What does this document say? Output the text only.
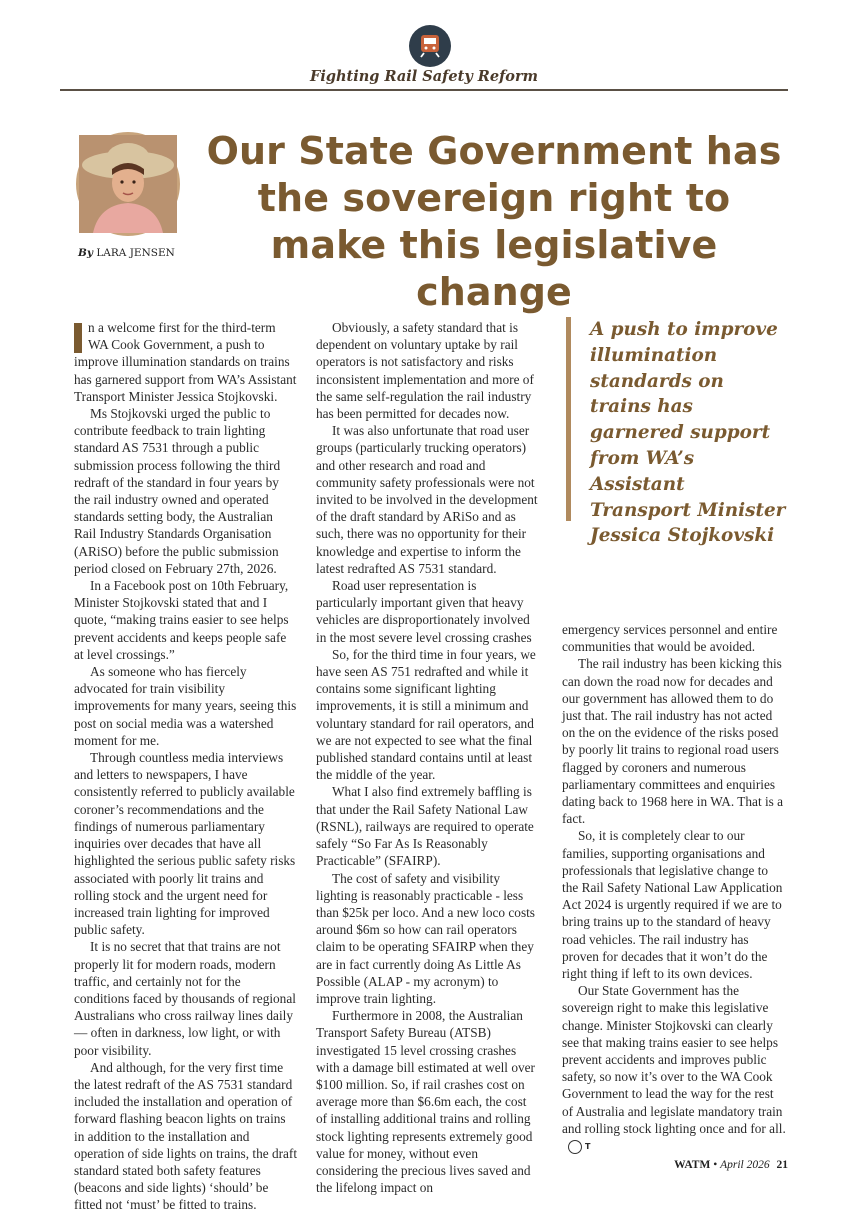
Fighting Rail Safety Reform
By LARA JENSEN
Our State Government has the sovereign right to make this legislative change

I n a welcome first for the third-term WA Cook Government, a push to improve illumination standards on trains has garnered support from WA’s Assistant Transport Minister Jessica Stojkovski.

Ms Stojkovski urged the public to contribute feedback to train lighting standard AS 7531 through a public submission process following the third redraft of the standard in four years by the rail industry owned and operated standards setting body, the Australian Rail Industry Standards Organisation (ARiSO) before the public submission period closed on February 27th, 2026.

In a Facebook post on 10th February, Minister Stojkovski stated that and I quote, “making trains easier to see helps prevent accidents and keeps people safe at level crossings.”

As someone who has fiercely advocated for train visibility improvements for many years, seeing this post on social media was a watershed moment for me.

Through countless media interviews and letters to newspapers, I have consistently referred to publicly available coroner’s recommendations and the findings of numerous parliamentary inquiries over decades that have all highlighted the serious public safety risks associated with poorly lit trains and rolling stock and the urgent need for increased train lighting for improved public safety.

It is no secret that that trains are not properly lit for modern roads, modern traffic, and certainly not for the conditions faced by thousands of regional Australians who cross railway lines daily — often in darkness, low light, or with poor visibility.

And although, for the very first time the latest redraft of the AS 7531 standard included the installation and operation of forward flashing beacon lights on trains in addition to the installation and operation of side lights on trains, the draft standard stated both safety features (beacons and side lights) ‘should’ be fitted not ‘must’ be fitted to trains.

Obviously, a safety standard that is dependent on voluntary uptake by rail operators is not satisfactory and risks inconsistent implementation and more of the same self-regulation the rail industry has been permitted for decades now.

It was also unfortunate that road user groups (particularly trucking operators) and other research and road and community safety professionals were not invited to be involved in the development of the draft standard by ARiSo and as such, there was no opportunity for their knowledge and expertise to inform the latest redrafted AS 7531 standard.

Road user representation is particularly important given that heavy vehicles are disproportionately involved in the most severe level crossing crashes

So, for the third time in four years, we have seen AS 751 redrafted and while it contains some significant lighting improvements, it is still a minimum and voluntary standard for rail operators, and we are not expected to see what the final published standard contains until at least the middle of the year.

What I also find extremely baffling is that under the Rail Safety National Law (RSNL), railways are required to operate safely “So Far As Is Reasonably Practicable” (SFAIRP).

The cost of safety and visibility lighting is reasonably practicable - less than $25k per loco. And a new loco costs around $6m so how can rail operators claim to be operating SFAIRP when they are in fact currently doing As Little As Possible (ALAP - my acronym) to improve train lighting.

Furthermore in 2008, the Australian Transport Safety Bureau (ATSB) investigated 15 level crossing crashes with a damage bill estimated at well over $100 million. So, if rail crashes cost on average more than $6.6m each, the cost of installing additional trains and rolling stock lighting represents extremely good value for money, without even considering the precious lives saved and the lifelong impact on

A push to improve illumination standards on trains has garnered support from WA’s Assistant Transport Minister Jessica Stojkovski

emergency services personnel and entire communities that would be avoided.

The rail industry has been kicking this can down the road now for decades and our government has allowed them to do just that. The rail industry has not acted on the on the evidence of the risks posed by poorly lit trains to regional road users flagged by coroners and numerous parliamentary committees and enquiries dating back to 1968 here in WA. That is a fact.

So, it is completely clear to our families, supporting organisations and professionals that legislative change to the Rail Safety National Law Application Act 2024 is urgently required if we are to bring trains up to the standard of heavy road vehicles. The rail industry has proven for decades that it won’t do the right thing if left to its own devices.

Our State Government has the sovereign right to make this legislative change. Minister Stojkovski can clearly see that making trains easier to see helps prevent accidents and improves public safety, so now it’s over to the WA Cook Government to lead the way for the rest of Australia and legislate mandatory train and rolling stock lighting once and for all.T

WATM • April 2026 21
